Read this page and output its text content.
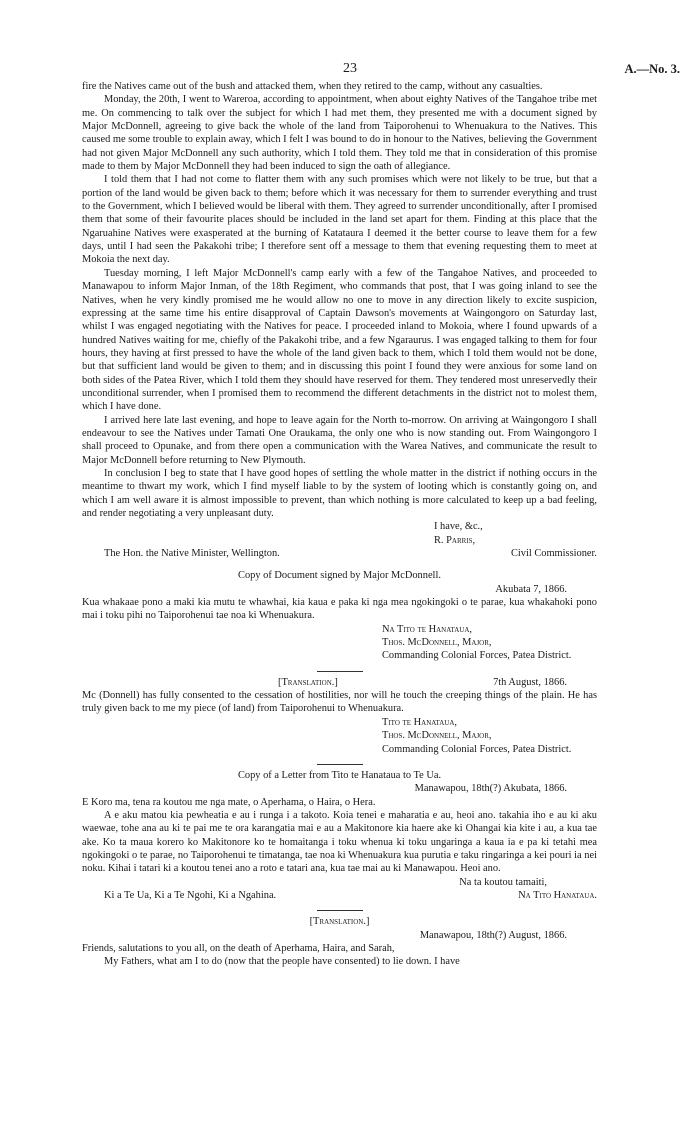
23	A.—No. 3.

fire the Natives came out of the bush and attacked them, when they retired to the camp, without any casualties.

Monday, the 20th, I went to Wareroa, according to appointment, when about eighty Natives of the Tangahoe tribe met me. On commencing to talk over the subject for which I had met them, they presented me with a document signed by Major McDonnell, agreeing to give back the whole of the land from Taiporohenui to Whenuakura to the Natives. This caused me some trouble to explain away, which I felt I was bound to do in honour to the Natives, believing the Government had not given Major McDonnell any such authority, which I told them. They told me that in consideration of this promise made to them by Major McDonnell they had been induced to sign the oath of allegiance.

I told them that I had not come to flatter them with any such promises which were not likely to be true, but that a portion of the land would be given back to them; before which it was necessary for them to surrender everything and trust to the Government, which I believed would be liberal with them. They agreed to surrender unconditionally, after I promised them that some of their favourite places should be included in the land set apart for them. Finding at this place that the Ngaruahine Natives were exasperated at the burning of Katataura I deemed it the better course to leave them for a few days, until I had seen the Pakakohi tribe; I therefore sent off a message to them that evening requesting them to meet at Mokoia the next day.

Tuesday morning, I left Major McDonnell's camp early with a few of the Tangahoe Natives, and proceeded to Manawapou to inform Major Inman, of the 18th Regiment, who commands that post, that I was going inland to see the Natives, when he very kindly promised me he would allow no one to move in any direction likely to excite suspicion, expressing at the same time his entire disapproval of Captain Dawson's movements at Waingongoro on Saturday last, whilst I was engaged negotiating with the Natives for peace. I proceeded inland to Mokoia, where I found upwards of a hundred Natives waiting for me, chiefly of the Pakakohi tribe, and a few Ngaraurus. I was engaged talking to them for four hours, they having at first pressed to have the whole of the land given back to them, which I told them would not be done, but that sufficient land would be given to them; and in discussing this point I found they were anxious for some land on both sides of the Patea River, which I told them they should have reserved for them. They tendered most unreservedly their unconditional surrender, when I promised them to recommend the different detachments in the district not to molest them, which I have done.

I arrived here late last evening, and hope to leave again for the North to-morrow. On arriving at Waingongoro I shall endeavour to see the Natives under Tamati One Oraukama, the only one who is now standing out. From Waingongoro I shall proceed to Opunake, and from there open a communication with the Warea Natives, and communicate the result to Major McDonnell before returning to New Plymouth.

In conclusion I beg to state that I have good hopes of settling the whole matter in the district if nothing occurs in the meantime to thwart my work, which I find myself liable to by the system of looting which is constantly going on, and which I am well aware it is almost impossible to prevent, than which nothing is more calculated to keep up a bad feeling, and render negotiating a very unpleasant duty.

I have, &c.,
R. Parris,
The Hon. the Native Minister, Wellington.	Civil Commissioner.
Copy of Document signed by Major McDonnell.
Akubata 7, 1866.

Kua whakaae pono a maki kia mutu te whawhai, kia kaua e paka ki nga mea ngokingoki o te parae, kua whakahoki pono mai i toku pihi no Taiporohenui tae noa ki Whenuakura.

Na Tito te Hanataua,
Thos. McDonnell, Major,
Commanding Colonial Forces, Patea District.
[Translation.]	7th August, 1866.

Mc (Donnell) has fully consented to the cessation of hostilities, nor will he touch the creeping things of the plain. He has truly given back to me my piece (of land) from Taiporohenui to Whenuakura.

Tito te Hanataua,
Thos. McDonnell, Major,
Commanding Colonial Forces, Patea District.
Copy of a Letter from Tito te Hanataua to Te Ua.
Manawapou, 18th(?) Akubata, 1866.

E Koro ma, tena ra koutou me nga mate, o Aperhama, o Haira, o Hera.

A e aku matou kia pewheatia e au i runga i a takoto. Koia tenei e maharatia e au, heoi ano. takahia iho e au ki aku waewae, tohe ana au ki te pai me te ora karangatia mai e au a Makitonore kia haere ake ki Ohangai kia kite i au, a kua tae ake. Ko ta maua korero ko Makitonore ko te homaitanga i toku whenua ki toku ungaringa a kaua ia e pa ki tetahi mea ngokingoki o te parae, no Taiporohenui te timatanga, tae noa ki Whenuakura kua purutia e taku ringaringa a kei pouri ia nei noku. Kihai i tatari ki a koutou tenei ano a roto e tatari ana, kua tae mai au ki Manawapou. Heoi ano.

Na ta koutou tamaiti,
Ki a Te Ua, Ki a Te Ngohi, Ki a Ngahina.	Na Tito Hanataua.
[Translation.]
Manawapou, 18th(?) August, 1866.

Friends, salutations to you all, on the death of Aperhama, Haira, and Sarah,

My Fathers, what am I to do (now that the people have consented) to lie down. I have
